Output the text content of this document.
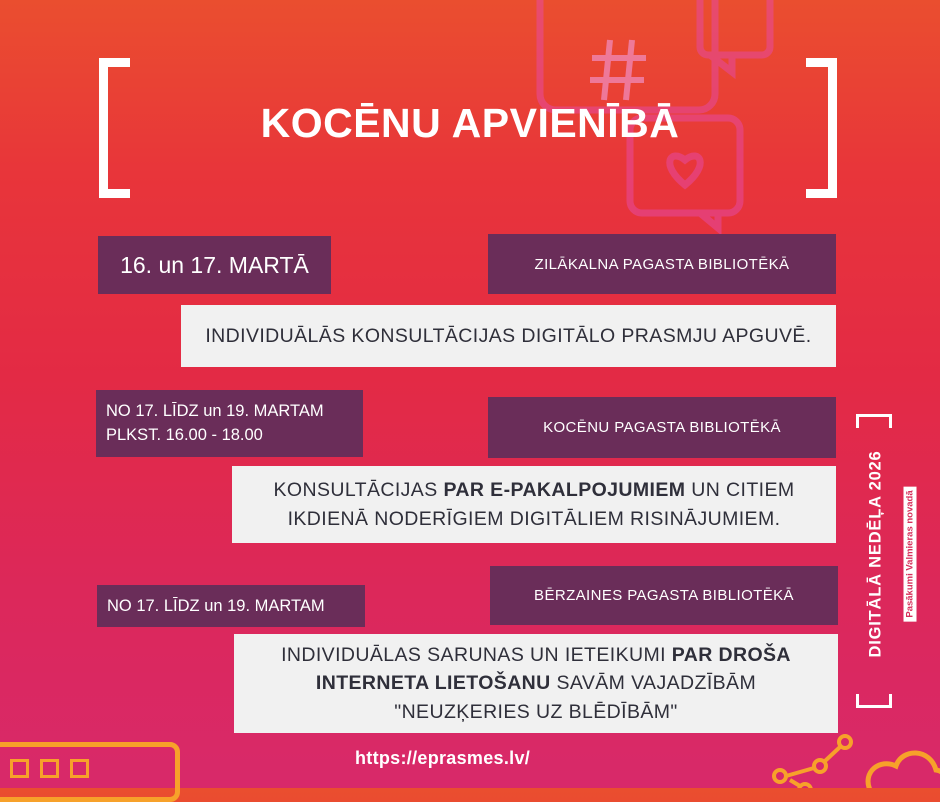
KOCĒNU APVIENĪBĀ
16. un 17. MARTĀ	ZILĀKALNA PAGASTA BIBLIOTĒKĀ
INDIVIDUĀLĀS KONSULTĀCIJAS DIGITĀLO PRASMJU APGUVĒ.
NO 17. LĪDZ un 19. MARTAM
PLKST. 16.00 - 18.00	KOCĒNU PAGASTA BIBLIOTĒKĀ
KONSULTĀCIJAS PAR E-PAKALPOJUMIEM UN CITIEM
IKDIENĀ NODERĪGIEM DIGITĀLIEM RISINĀJUMIEM.
NO 17. LĪDZ un 19. MARTAM
BĒRZAINES PAGASTA BIBLIOTĒKĀ
INDIVIDUĀLAS SARUNAS UN IETEIKUMI PAR DROŠA
INTERNETA LIETOŠANU SAVĀM VAJADZĪBĀM
"NEUZĶERIES UZ BLĒDĪBĀM"
DIGITĀLĀ NEDĒĻA 2026 Pasākumi Valmieras novadā
https://eprasmes.lv/
